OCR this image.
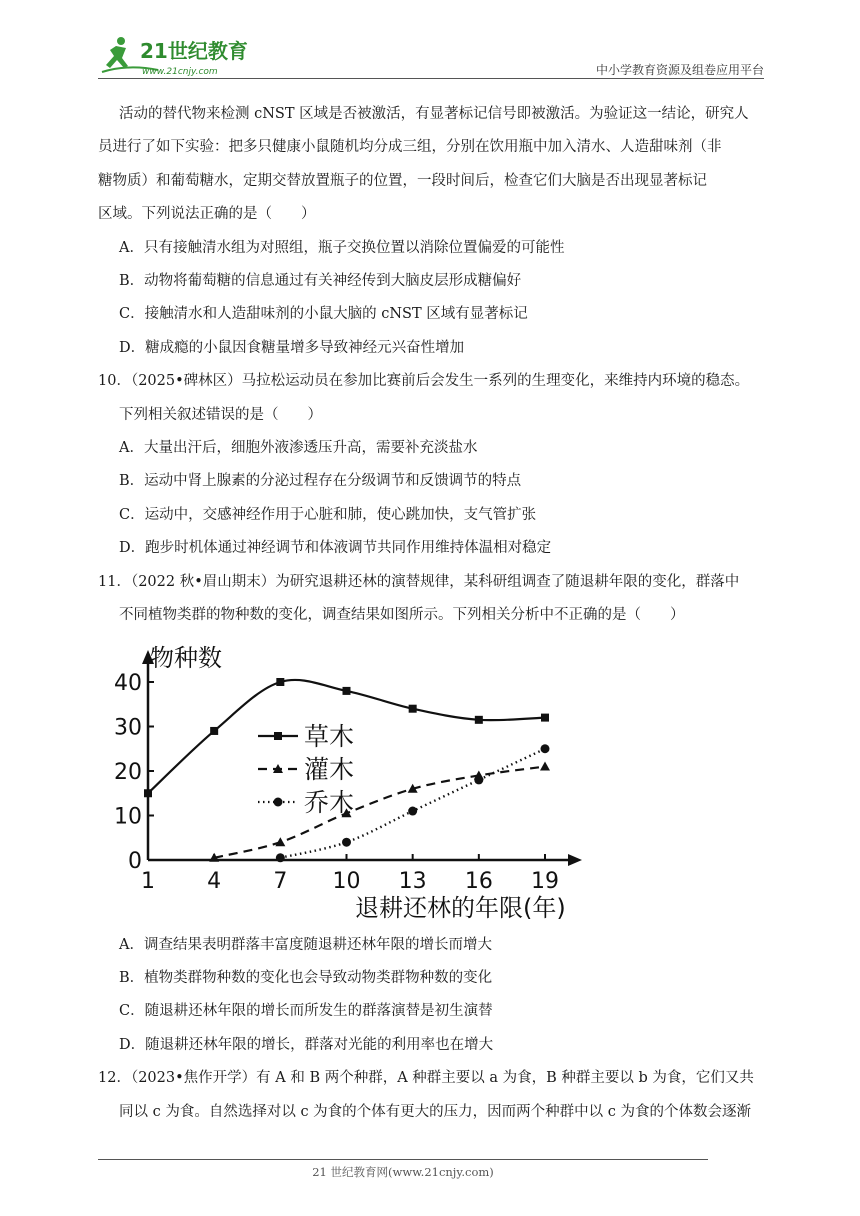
21世纪教育
www.21cnjy.com	中小学教育资源及组卷应用平台

活动的替代物来检测 cNST 区域是否被激活，有显著标记信号即被激活。为验证这一结论，研究人

员进行了如下实验：把多只健康小鼠随机均分成三组，分别在饮用瓶中加入清水、人造甜味剂（非

糖物质）和葡萄糖水，定期交替放置瓶子的位置，一段时间后，检查它们大脑是否出现显著标记

区域。下列说法正确的是（　　）

A．只有接触清水组为对照组，瓶子交换位置以消除位置偏爱的可能性

B．动物将葡萄糖的信息通过有关神经传到大脑皮层形成糖偏好

C．接触清水和人造甜味剂的小鼠大脑的 cNST 区域有显著标记

D．糖成瘾的小鼠因食糖量增多导致神经元兴奋性增加

10．（2025•碑林区）马拉松运动员在参加比赛前后会发生一系列的生理变化，来维持内环境的稳态。

下列相关叙述错误的是（　　）

A．大量出汗后，细胞外液渗透压升高，需要补充淡盐水

B．运动中肾上腺素的分泌过程存在分级调节和反馈调节的特点

C．运动中，交感神经作用于心脏和肺，使心跳加快，支气管扩张

D．跑步时机体通过神经调节和体液调节共同作用维持体温相对稳定

11．（2022 秋•眉山期末）为研究退耕还林的演替规律，某科研组调查了随退耕年限的变化，群落中

不同植物类群的物种数的变化，调查结果如图所示。下列相关分析中不正确的是（　　）

A．调查结果表明群落丰富度随退耕还林年限的增长而增大

B．植物类群物种数的变化也会导致动物类群物种数的变化

C．随退耕还林年限的增长而所发生的群落演替是初生演替

D．随退耕还林年限的增长，群落对光能的利用率也在增大

12．（2023•焦作开学）有 A 和 B 两个种群，A 种群主要以 a 为食，B 种群主要以 b 为食，它们又共

同以 c 为食。自然选择对以 c 为食的个体有更大的压力，因而两个种群中以 c 为食的个体数会逐渐

1 4 7 10 13 16 19
0
10
20
30
40
草木
灌木
乔木
物种数
退耕还林的年限(年)
21 世纪教育网(www.21cnjy.com)
